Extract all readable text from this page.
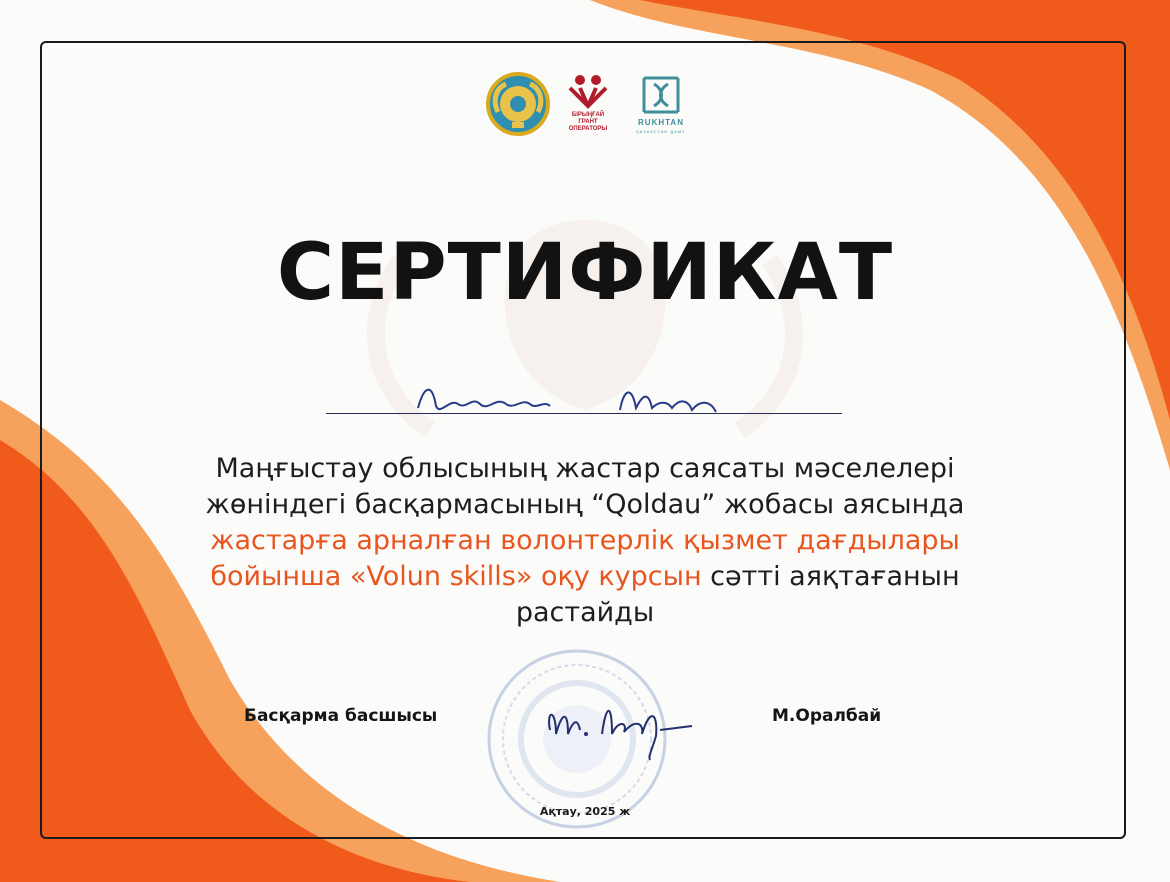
БІРЫҢҒАЙ
ГРАНТ
ОПЕРАТОРЫ
RUKHTAN
ҚАЗАҚСТАН ДАМУ
СЕРТИФИКАТ
Маңғыстау облысының жастар саясаты мәселелері
жөніндегі басқармасының “Qoldau” жобасы аясында
жастарға арналған волонтерлік қызмет дағдылары
бойынша «Volun skills» оқу курсын сәтті аяқтағанын
растайды
Басқарма басшысы	М.Оралбай
Ақтау, 2025 ж
